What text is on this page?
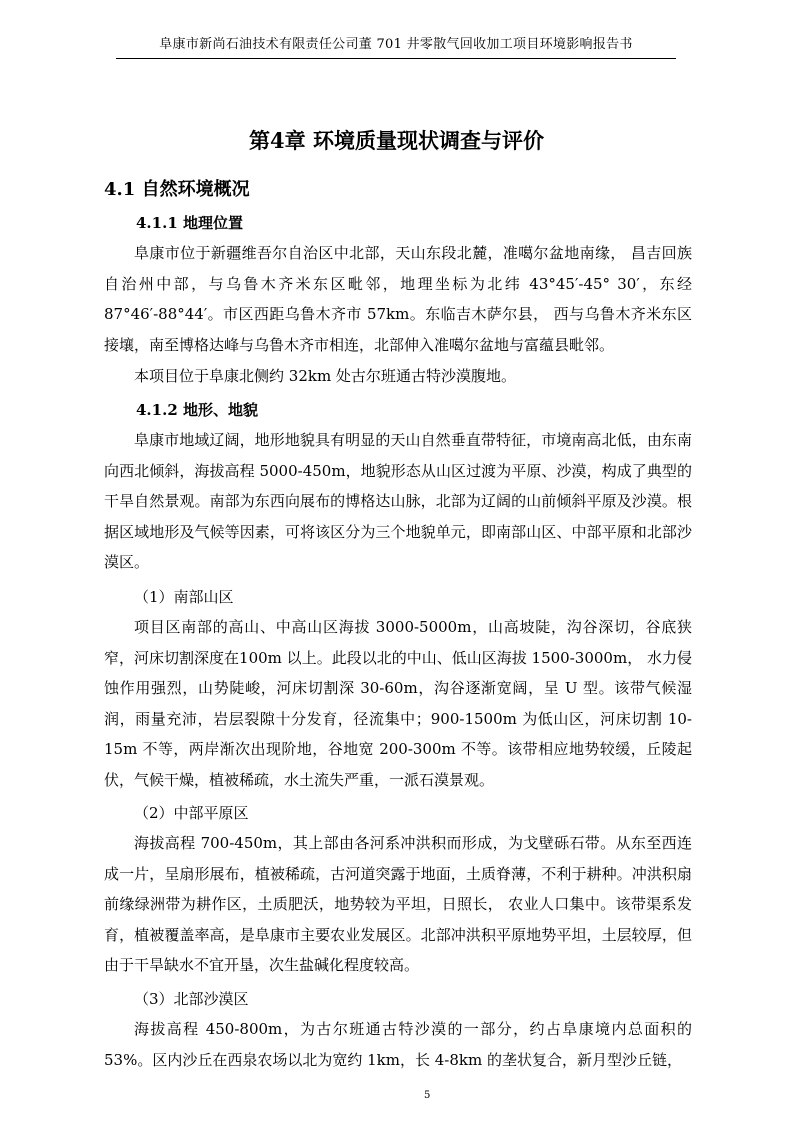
阜康市新尚石油技术有限责任公司董 701 井零散气回收加工项目环境影响报告书
第4章 环境质量现状调查与评价
4.1 自然环境概况
4.1.1 地理位置

阜康市位于新疆维吾尔自治区中北部，天山东段北麓，准噶尔盆地南缘， 昌吉回族自治州中部，与乌鲁木齐米东区毗邻，地理坐标为北纬 43°45′-45° 30′，东经 87°46′-88°44′。市区西距乌鲁木齐市 57km。东临吉木萨尔县， 西与乌鲁木齐米东区接壤，南至博格达峰与乌鲁木齐市相连，北部伸入准噶尔盆地与富蕴县毗邻。

本项目位于阜康北侧约 32km 处古尔班通古特沙漠腹地。

4.1.2 地形、地貌

阜康市地域辽阔，地形地貌具有明显的天山自然垂直带特征，市境南高北低，由东南向西北倾斜，海拔高程 5000-450m，地貌形态从山区过渡为平原、沙漠，构成了典型的干旱自然景观。南部为东西向展布的博格达山脉，北部为辽阔的山前倾斜平原及沙漠。根据区域地形及气候等因素，可将该区分为三个地貌单元，即南部山区、中部平原和北部沙漠区。

（1）南部山区

项目区南部的高山、中高山区海拔 3000-5000m，山高坡陡，沟谷深切，谷底狭窄，河床切割深度在100m 以上。此段以北的中山、低山区海拔 1500-3000m， 水力侵蚀作用强烈，山势陡峻，河床切割深 30-60m，沟谷逐渐宽阔，呈 U 型。该带气候湿润，雨量充沛，岩层裂隙十分发育，径流集中；900-1500m 为低山区，河床切割 10-15m 不等，两岸渐次出现阶地，谷地宽 200-300m 不等。该带相应地势较缓，丘陵起伏，气候干燥，植被稀疏，水土流失严重，一派石漠景观。

（2）中部平原区

海拔高程 700-450m，其上部由各河系冲洪积而形成，为戈壁砾石带。从东至西连成一片，呈扇形展布，植被稀疏，古河道突露于地面，土质脊薄，不利于耕种。冲洪积扇前缘绿洲带为耕作区，土质肥沃，地势较为平坦，日照长， 农业人口集中。该带渠系发育，植被覆盖率高，是阜康市主要农业发展区。北部冲洪积平原地势平坦，土层较厚，但由于干旱缺水不宜开垦，次生盐碱化程度较高。

（3）北部沙漠区

海拔高程 450-800m，为古尔班通古特沙漠的一部分，约占阜康境内总面积的 53%。区内沙丘在西泉农场以北为宽约 1km，长 4-8km 的垄状复合，新月型沙丘链，

5
